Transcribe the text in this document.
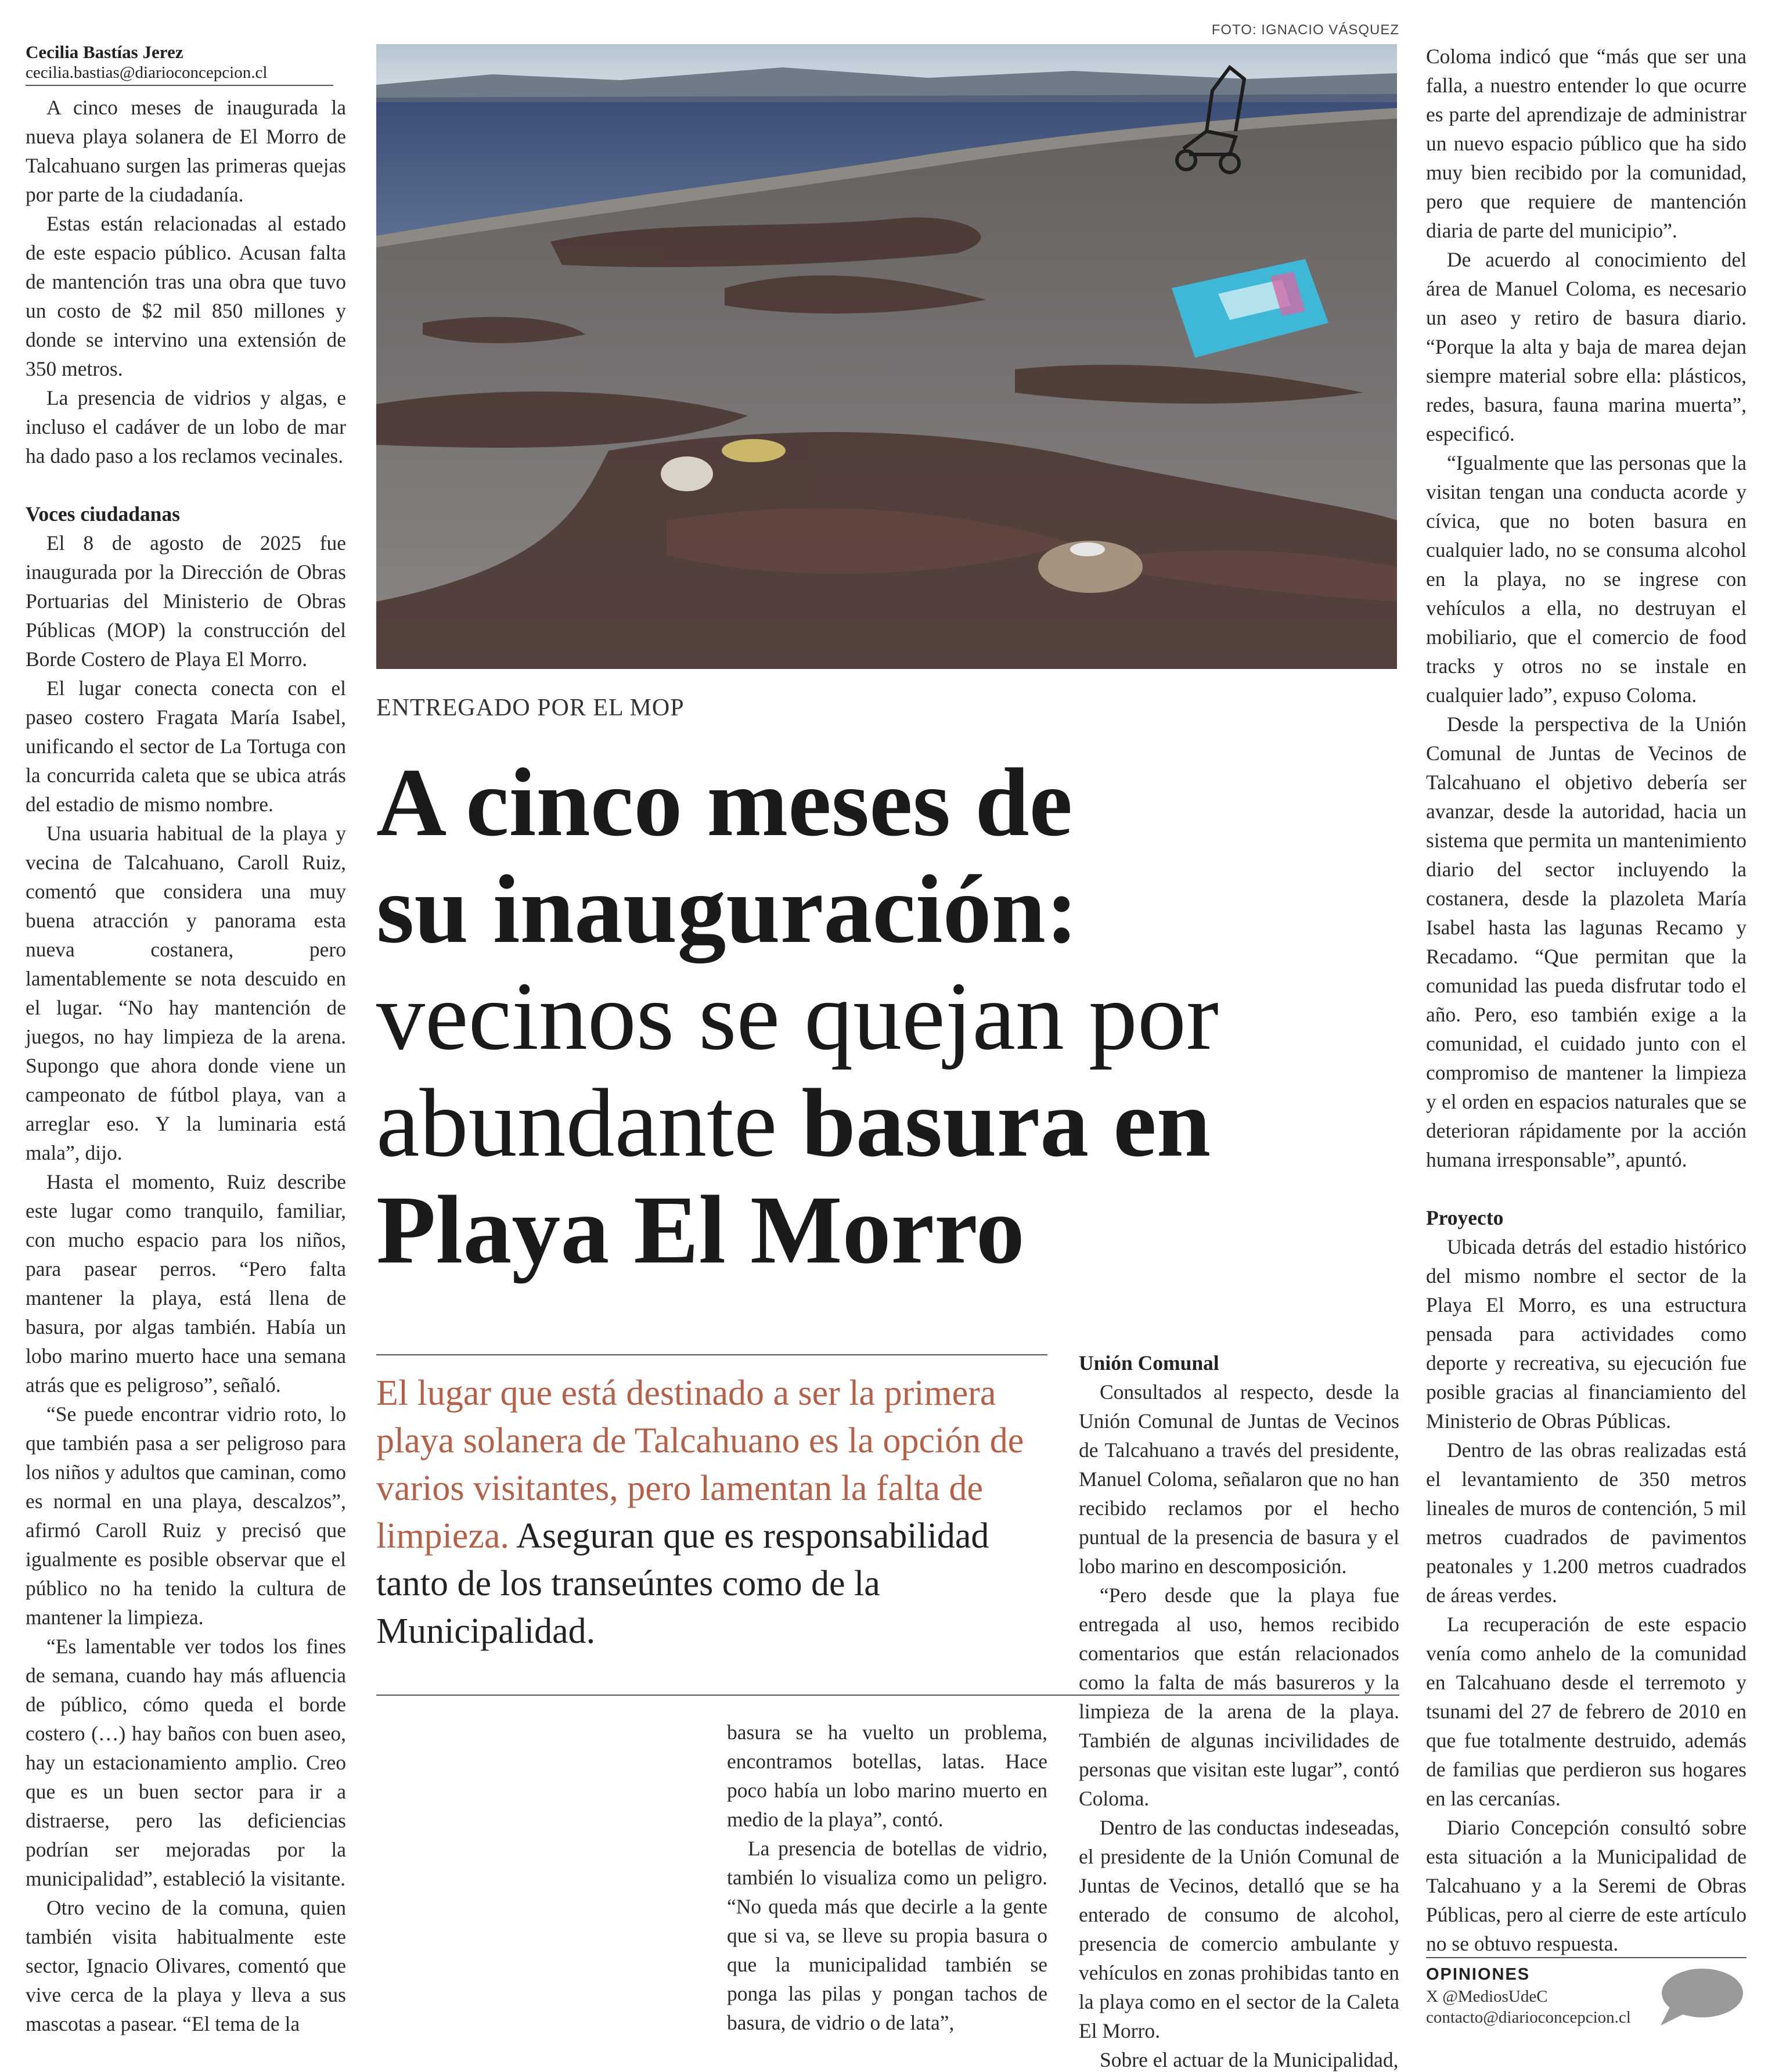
Cecilia Bastías Jerez
cecilia.bastias@diarioconcepcion.cl

A cinco meses de inaugurada la nueva playa solanera de El Morro de Talcahuano surgen las primeras quejas por parte de la ciudadanía.

Estas están relacionadas al estado de este espacio público. Acusan falta de mantención tras una obra que tuvo un costo de $2 mil 850 millones y donde se intervino una extensión de 350 metros.

La presencia de vidrios y algas, e incluso el cadáver de un lobo de mar ha dado paso a los reclamos vecinales.

Voces ciudadanas

El 8 de agosto de 2025 fue inaugurada por la Dirección de Obras Portuarias del Ministerio de Obras Públicas (MOP) la construcción del Borde Costero de Playa El Morro.

El lugar conecta conecta con el paseo costero Fragata María Isabel, unificando el sector de La Tortuga con la concurrida caleta que se ubica atrás del estadio de mismo nombre.

Una usuaria habitual de la playa y vecina de Talcahuano, Caroll Ruiz, comentó que considera una muy buena atracción y panorama esta nueva costanera, pero lamentablemente se nota descuido en el lugar. “No hay mantención de juegos, no hay limpieza de la arena. Supongo que ahora donde viene un campeonato de fútbol playa, van a arreglar eso. Y la luminaria está mala”, dijo.

Hasta el momento, Ruiz describe este lugar como tranquilo, familiar, con mucho espacio para los niños, para pasear perros. “Pero falta mantener la playa, está llena de basura, por algas también. Había un lobo marino muerto hace una semana atrás que es peligroso”, señaló.

“Se puede encontrar vidrio roto, lo que también pasa a ser peligroso para los niños y adultos que caminan, como es normal en una playa, descalzos”, afirmó Caroll Ruiz y precisó que igualmente es posible observar que el público no ha tenido la cultura de mantener la limpieza.

“Es lamentable ver todos los fines de semana, cuando hay más afluencia de público, cómo queda el borde costero (…) hay baños con buen aseo, hay un estacionamiento amplio. Creo que es un buen sector para ir a distraerse, pero las deficiencias podrían ser mejoradas por la municipalidad”, estableció la visitante.

Otro vecino de la comuna, quien también visita habitualmente este sector, Ignacio Olivares, comentó que vive cerca de la playa y lleva a sus mascotas a pasear. “El tema de la

FOTO: IGNACIO VÁSQUEZ
ENTREGADO POR EL MOP
A cinco meses de
su inauguración:
vecinos se quejan por
abundante basura en
Playa El Morro
El lugar que está destinado a ser la primera playa solanera de Talcahuano es la opción de varios visitantes, pero lamentan la falta de limpieza. Aseguran que es responsabilidad tanto de los transeúntes como de la Municipalidad.

basura se ha vuelto un problema, encontramos botellas, latas. Hace poco había un lobo marino muerto en medio de la playa”, contó.

La presencia de botellas de vidrio, también lo visualiza como un peligro. “No queda más que decirle a la gente que si va, se lleve su propia basura o que la municipalidad también se ponga las pilas y pongan tachos de basura, de vidrio o de lata”,

Unión Comunal

Consultados al respecto, desde la Unión Comunal de Juntas de Vecinos de Talcahuano a través del presidente, Manuel Coloma, señalaron que no han recibido reclamos por el hecho puntual de la presencia de basura y el lobo marino en descomposición.

“Pero desde que la playa fue entregada al uso, hemos recibido comentarios que están relacionados como la falta de más basureros y la limpieza de la arena de la playa. También de algunas incivilidades de personas que visitan este lugar”, contó Coloma.

Dentro de las conductas indeseadas, el presidente de la Unión Comunal de Juntas de Vecinos, detalló que se ha enterado de consumo de alcohol, presencia de comercio ambulante y vehículos en zonas prohibidas tanto en la playa como en el sector de la Caleta El Morro.

Sobre el actuar de la Municipalidad,

Coloma indicó que “más que ser una falla, a nuestro entender lo que ocurre es parte del aprendizaje de administrar un nuevo espacio público que ha sido muy bien recibido por la comunidad, pero que requiere de mantención diaria de parte del municipio”.

De acuerdo al conocimiento del área de Manuel Coloma, es necesario un aseo y retiro de basura diario. “Porque la alta y baja de marea dejan siempre material sobre ella: plásticos, redes, basura, fauna marina muerta”, especificó.

“Igualmente que las personas que la visitan tengan una conducta acorde y cívica, que no boten basura en cualquier lado, no se consuma alcohol en la playa, no se ingrese con vehículos a ella, no destruyan el mobiliario, que el comercio de food tracks y otros no se instale en cualquier lado”, expuso Coloma.

Desde la perspectiva de la Unión Comunal de Juntas de Vecinos de Talcahuano el objetivo debería ser avanzar, desde la autoridad, hacia un sistema que permita un mantenimiento diario del sector incluyendo la costanera, desde la plazoleta María Isabel hasta las lagunas Recamo y Recadamo. “Que permitan que la comunidad las pueda disfrutar todo el año. Pero, eso también exige a la comunidad, el cuidado junto con el compromiso de mantener la limpieza y el orden en espacios naturales que se deterioran rápidamente por la acción humana irresponsable”, apuntó.

Proyecto

Ubicada detrás del estadio histórico del mismo nombre el sector de la Playa El Morro, es una estructura pensada para actividades como deporte y recreativa, su ejecución fue posible gracias al financiamiento del Ministerio de Obras Públicas.

Dentro de las obras realizadas está el levantamiento de 350 metros lineales de muros de contención, 5 mil metros cuadrados de pavimentos peatonales y 1.200 metros cuadrados de áreas verdes.

La recuperación de este espacio venía como anhelo de la comunidad en Talcahuano desde el terremoto y tsunami del 27 de febrero de 2010 en que fue totalmente destruido, además de familias que perdieron sus hogares en las cercanías.

Diario Concepción consultó sobre esta situación a la Municipalidad de Talcahuano y a la Seremi de Obras Públicas, pero al cierre de este artículo no se obtuvo respuesta.

OPINIONES
X @MediosUdeC
contacto@diarioconcepcion.cl
